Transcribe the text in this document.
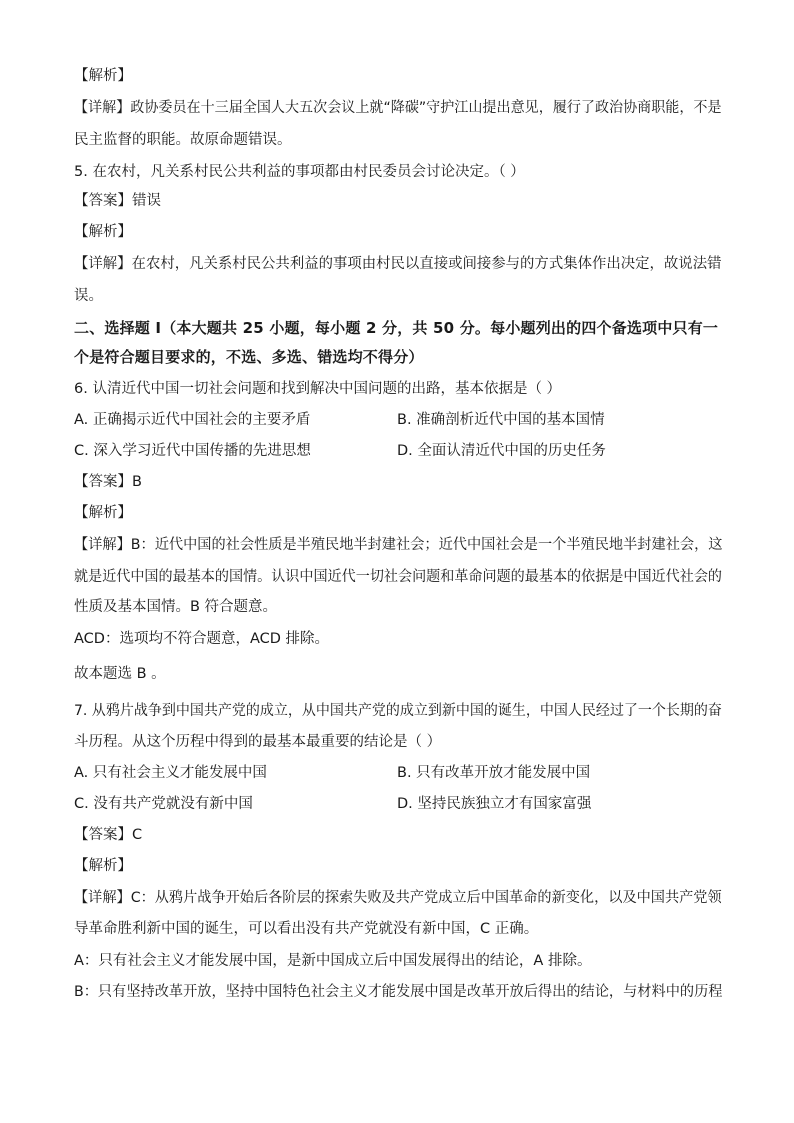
【解析】
【详解】政协委员在十三届全国人大五次会议上就“降碳”守护江山提出意见，履行了政治协商职能，不是
民主监督的职能。故原命题错误。
5. 在农村，凡关系村民公共利益的事项都由村民委员会讨论决定。（ ）
【答案】错误
【解析】
【详解】在农村，凡关系村民公共利益的事项由村民以直接或间接参与的方式集体作出决定，故说法错
误。
二、选择题 I（本大题共 25 小题，每小题 2 分，共 50 分。每小题列出的四个备选项中只有一
个是符合题目要求的，不选、多选、错选均不得分）
6. 认清近代中国一切社会问题和找到解决中国问题的出路，基本依据是（ ）
A. 正确揭示近代中国社会的主要矛盾	B. 准确剖析近代中国的基本国情
C. 深入学习近代中国传播的先进思想	D. 全面认清近代中国的历史任务
【答案】B
【解析】
【详解】B：近代中国的社会性质是半殖民地半封建社会；近代中国社会是一个半殖民地半封建社会，这
就是近代中国的最基本的国情。认识中国近代一切社会问题和革命问题的最基本的依据是中国近代社会的
性质及基本国情。B 符合题意。
ACD：选项均不符合题意，ACD 排除。
故本题选 B 。
7. 从鸦片战争到中国共产党的成立，从中国共产党的成立到新中国的诞生，中国人民经过了一个长期的奋
斗历程。从这个历程中得到的最基本最重要的结论是（ ）
A. 只有社会主义才能发展中国	B. 只有改革开放才能发展中国
C. 没有共产党就没有新中国	D. 坚持民族独立才有国家富强
【答案】C
【解析】
【详解】C：从鸦片战争开始后各阶层的探索失败及共产党成立后中国革命的新变化，以及中国共产党领
导革命胜利新中国的诞生，可以看出没有共产党就没有新中国，C 正确。
A：只有社会主义才能发展中国，是新中国成立后中国发展得出的结论，A 排除。
B：只有坚持改革开放，坚持中国特色社会主义才能发展中国是改革开放后得出的结论，与材料中的历程
